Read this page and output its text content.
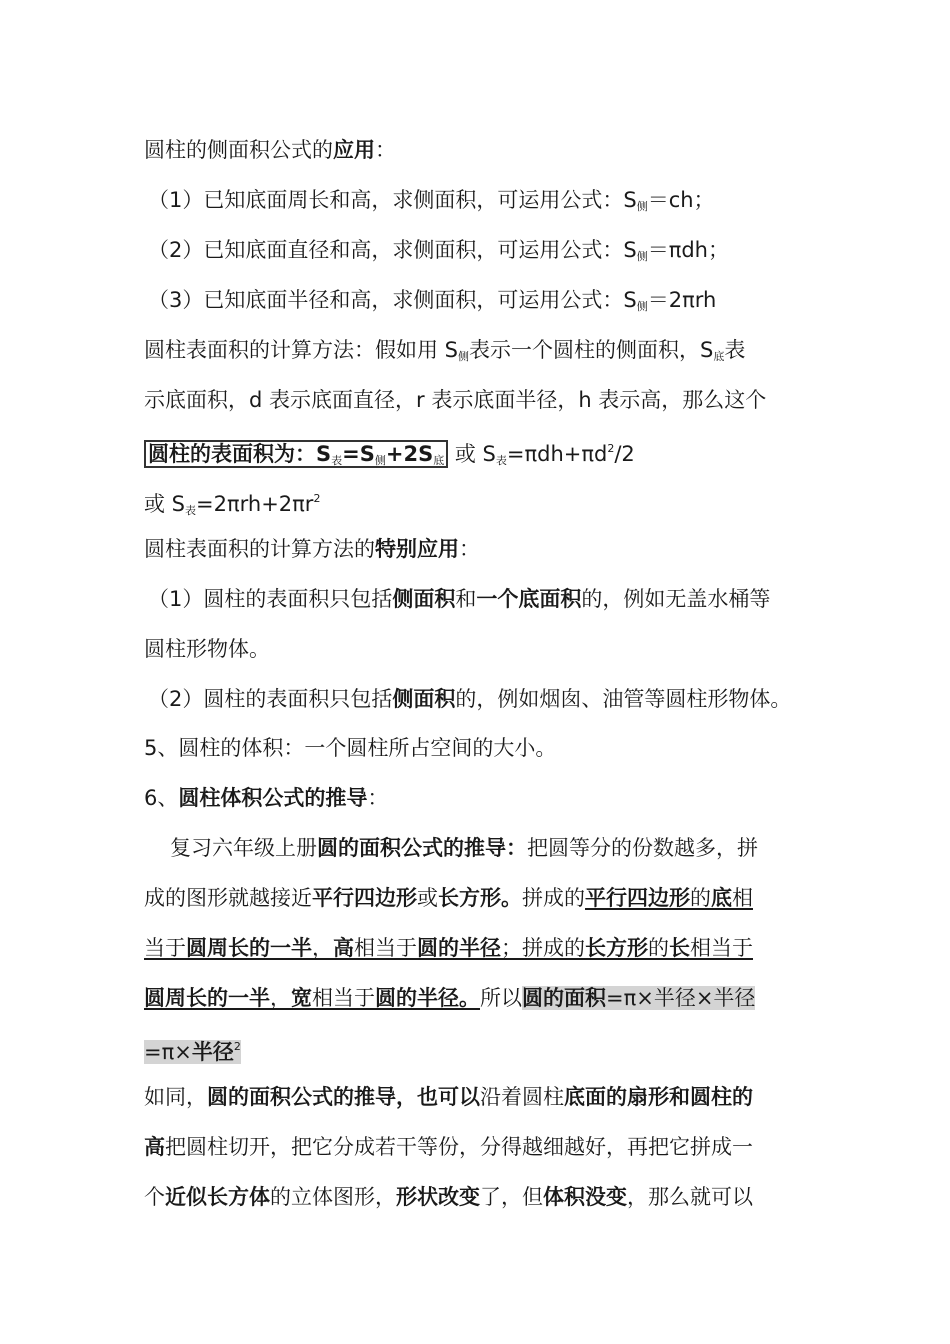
圆柱的侧面积公式的应用：
（1）已知底面周长和高，求侧面积，可运用公式：$S_侧=ch$；
（2）已知底面直径和高，求侧面积，可运用公式：$S_侧=\pi dh$；
（3）已知底面半径和高，求侧面积，可运用公式：$S_侧=2\pi rh$
圆柱表面积的计算方法：假如用 $S_侧$表示一个圆柱的侧面积，$S_底$表
示底面积，d 表示底面直径，r 表示底面半径，h 表示高，那么这个
圆柱的表面积为：$S_表=S_侧+2S_底$ 或 $S_表=\pi dh+\pi d^2/2$
或 $S_表=2\pi rh+2\pi r^2$
圆柱表面积的计算方法的特别应用：
（1）圆柱的表面积只包括侧面积和一个底面积的，例如无盖水桶等
圆柱形物体。
（2）圆柱的表面积只包括侧面积的，例如烟囱、油管等圆柱形物体。
5、圆柱的体积：一个圆柱所占空间的大小。
6、圆柱体积公式的推导：
复习六年级上册圆的面积公式的推导：把圆等分的份数越多，拼
成的图形就越接近平行四边形或长方形。拼成的平行四边形的底相
当于圆周长的一半，高相当于圆的半径；拼成的长方形的长相当于
圆周长的一半，宽相当于圆的半径。所以圆的面积=π×半径×半径
=π×半径$^2$
如同，圆的面积公式的推导，也可以沿着圆柱底面的扇形和圆柱的
高把圆柱切开，把它分成若干等份，分得越细越好，再把它拼成一
个近似长方体的立体图形，形状改变了，但体积没变，那么就可以
